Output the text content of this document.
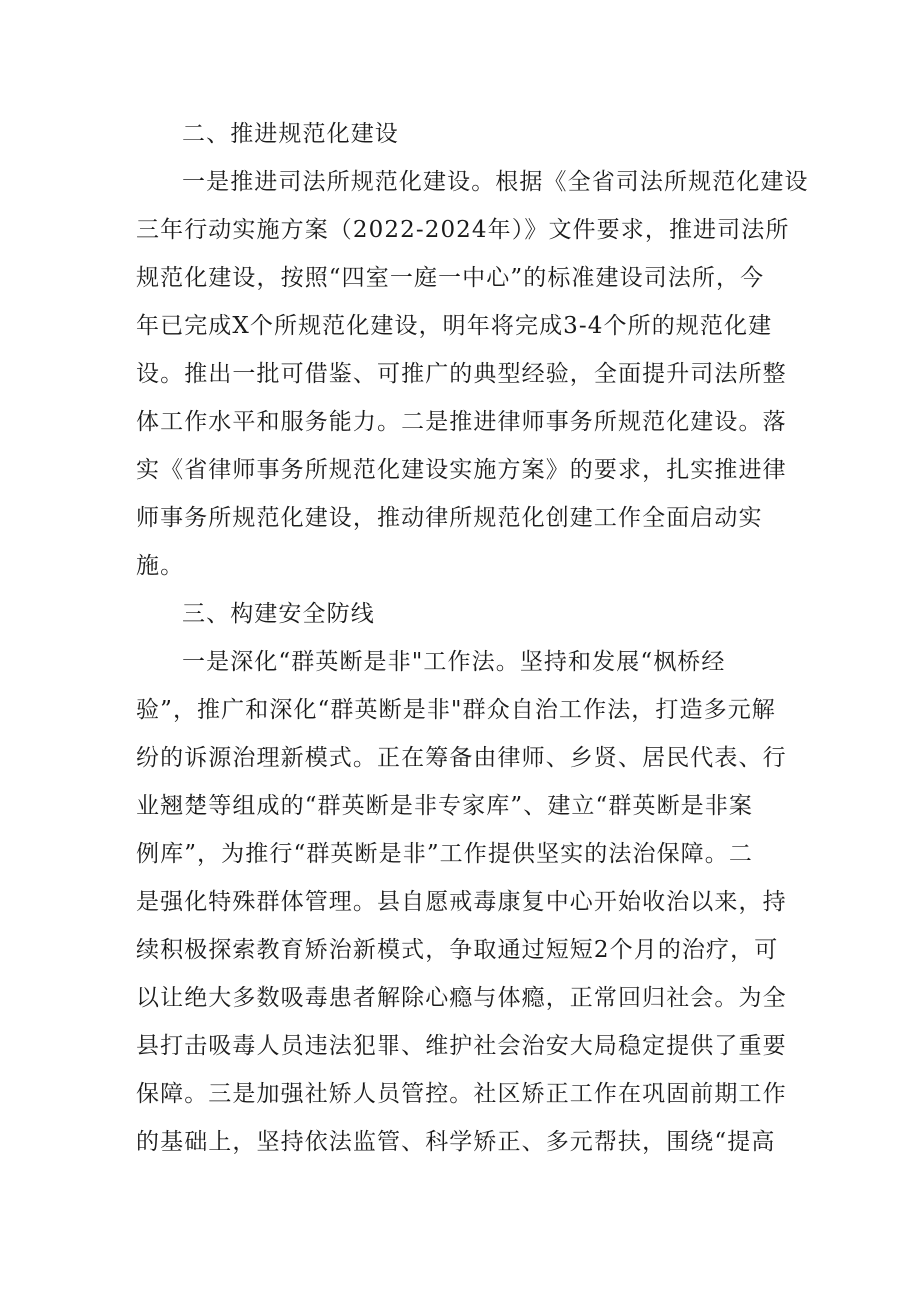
二、推进规范化建设
一是推进司法所规范化建设。根据《全省司法所规范化建设
三年行动实施方案（2022-2024年）》文件要求，推进司法所
规范化建设，按照“四室一庭一中心”的标准建设司法所，今
年已完成X个所规范化建设，明年将完成3-4个所的规范化建
设。推出一批可借鉴、可推广的典型经验，全面提升司法所整
体工作水平和服务能力。二是推进律师事务所规范化建设。落
实《省律师事务所规范化建设实施方案》的要求，扎实推进律
师事务所规范化建设，推动律所规范化创建工作全面启动实
施。
三、构建安全防线
一是深化“群英断是非"工作法。坚持和发展“枫桥经
验”，推广和深化“群英断是非"群众自治工作法，打造多元解
纷的诉源治理新模式。正在筹备由律师、乡贤、居民代表、行
业翘楚等组成的“群英断是非专家库”、建立“群英断是非案
例库”，为推行“群英断是非”工作提供坚实的法治保障。二
是强化特殊群体管理。县自愿戒毒康复中心开始收治以来，持
续积极探索教育矫治新模式，争取通过短短2个月的治疗，可
以让绝大多数吸毒患者解除心瘾与体瘾，正常回归社会。为全
县打击吸毒人员违法犯罪、维护社会治安大局稳定提供了重要
保障。三是加强社矫人员管控。社区矫正工作在巩固前期工作
的基础上，坚持依法监管、科学矫正、多元帮扶，围绕“提高
